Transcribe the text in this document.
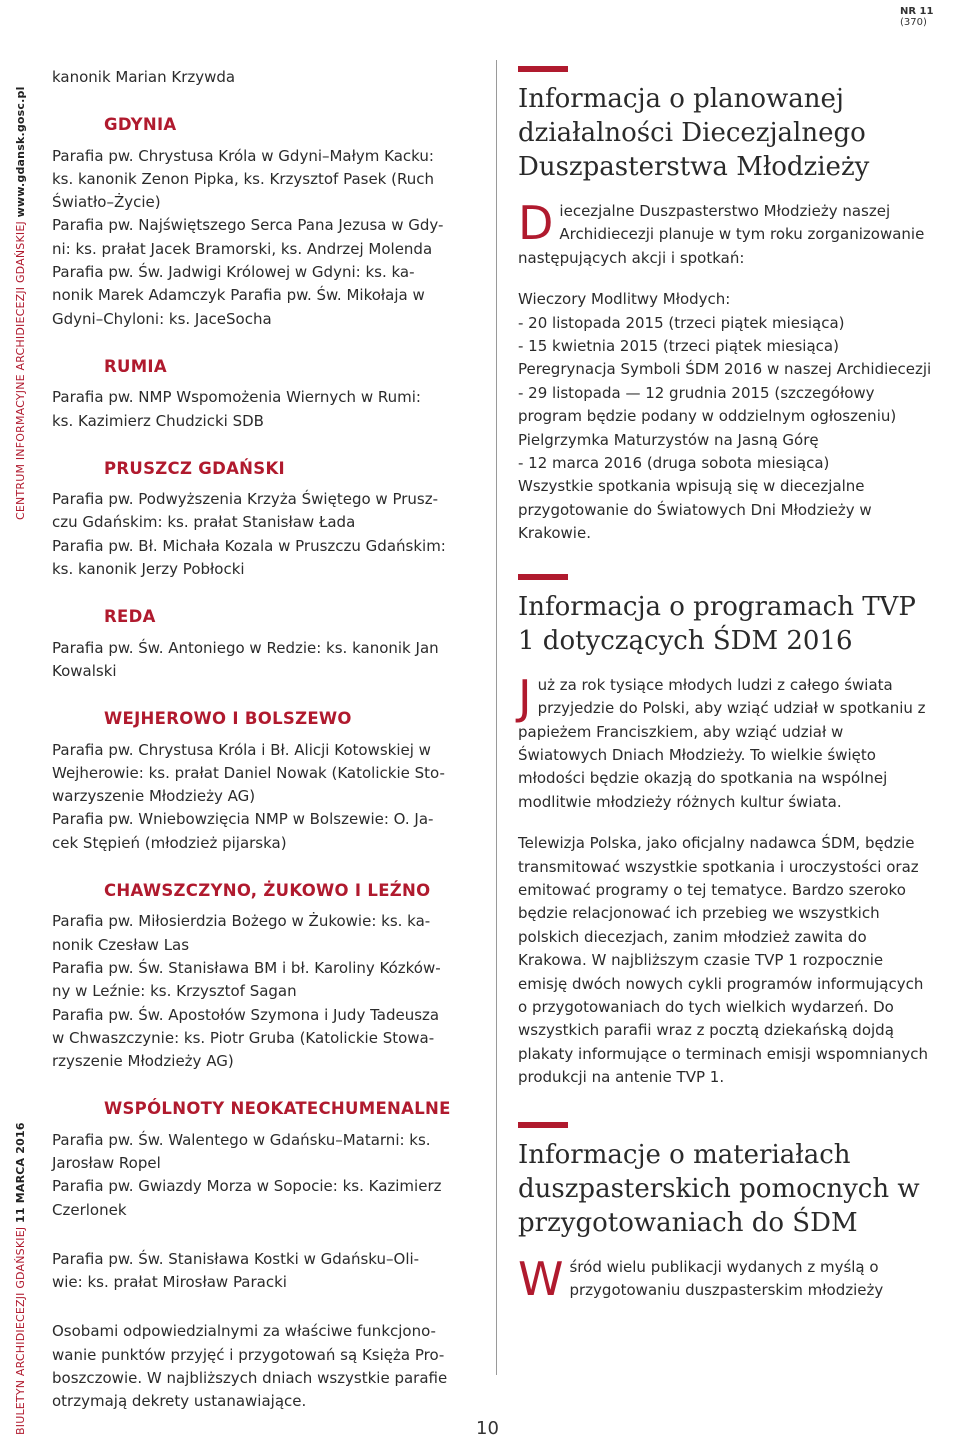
NR 11 (370)
CENTRUM INFORMACYJNE ARCHIDIECEZJI GDAŃSKIEJ www.gdansk.gosc.pl
BIULETYN ARCHIDIECEZJI GDAŃSKIEJ 11 MARCA 2016

kanonik Marian Krzywda

GDYNIA

Parafia pw. Chrystusa Króla w Gdyni–Małym Kacku:

ks. kanonik Zenon Pipka, ks. Krzysztof Pasek (Ruch

Światło–Życie)

Parafia pw. Najświętszego Serca Pana Jezusa w Gdy-

ni: ks. prałat Jacek Bramorski, ks. Andrzej Molenda

Parafia pw. Św. Jadwigi Królowej w Gdyni: ks. ka-

nonik Marek Adamczyk Parafia pw. Św. Mikołaja w

Gdyni–Chyloni: ks. JaceSocha

RUMIA

Parafia pw. NMP Wspomożenia Wiernych w Rumi:

ks. Kazimierz Chudzicki SDB

PRUSZCZ GDAŃSKI

Parafia pw. Podwyższenia Krzyża Świętego w Prusz-

czu Gdańskim: ks. prałat Stanisław Łada

Parafia pw. Bł. Michała Kozala w Pruszczu Gdańskim:

ks. kanonik Jerzy Pobłocki

REDA

Parafia pw. Św. Antoniego w Redzie: ks. kanonik Jan

Kowalski

WEJHEROWO I BOLSZEWO

Parafia pw. Chrystusa Króla i Bł. Alicji Kotowskiej w

Wejherowie: ks. prałat Daniel Nowak (Katolickie Sto-

warzyszenie Młodzieży AG)

Parafia pw. Wniebowzięcia NMP w Bolszewie: O. Ja-

cek Stępień (młodzież pijarska)

CHAWSZCZYNO, ŻUKOWO I LEŹNO

Parafia pw. Miłosierdzia Bożego w Żukowie: ks. ka-

nonik Czesław Las

Parafia pw. Św. Stanisława BM i bł. Karoliny Kózków-

ny w Leźnie: ks. Krzysztof Sagan

Parafia pw. Św. Apostołów Szymona i Judy Tadeusza

w Chwaszczynie: ks. Piotr Gruba (Katolickie Stowa-

rzyszenie Młodzieży AG)

WSPÓLNOTY NEOKATECHUMENALNE

Parafia pw. Św. Walentego w Gdańsku–Matarni: ks.

Jarosław Ropel

Parafia pw. Gwiazdy Morza w Sopocie: ks. Kazimierz

Czerlonek

Parafia pw. Św. Stanisława Kostki w Gdańsku–Oli-

wie: ks. prałat Mirosław Paracki

Osobami odpowiedzialnymi za właściwe funkcjono-

wanie punktów przyjęć i przygotowań są Księża Pro-

boszczowie. W najbliższych dniach wszystkie parafie

otrzymają dekrety ustanawiające.

Informacja o planowanej działalności Diecezjalnego Duszpasterstwa Młodzieży

D iecezjalne Duszpasterstwo Młodzieży naszej Archidiecezji planuje w tym roku zorganizowanie następujących akcji i spotkań:

Wieczory Modlitwy Młodych:

- 20 listopada 2015 (trzeci piątek miesiąca)

- 15 kwietnia 2015 (trzeci piątek miesiąca)

Peregrynacja Symboli ŚDM 2016 w naszej Archidiecezji

- 29 listopada — 12 grudnia 2015 (szczegółowy program będzie podany w oddzielnym ogłoszeniu)

Pielgrzymka Maturzystów na Jasną Górę

- 12 marca 2016 (druga sobota miesiąca)

Wszystkie spotkania wpisują się w diecezjalne przygotowanie do Światowych Dni Młodzieży w Krakowie.

Informacja o programach TVP 1 dotyczących ŚDM 2016

J uż za rok tysiące młodych ludzi z całego świata przyjedzie do Polski, aby wziąć udział w spotkaniu z papieżem Franciszkiem, aby wziąć udział w Światowych Dniach Młodzieży. To wielkie święto młodości będzie okazją do spotkania na wspólnej modlitwie młodzieży różnych kultur świata.

Telewizja Polska, jako oficjalny nadawca ŚDM, będzie transmitować wszystkie spotkania i uroczystości oraz emitować programy o tej tematyce. Bardzo szeroko będzie relacjonować ich przebieg we wszystkich polskich diecezjach, zanim młodzież zawita do Krakowa. W najbliższym czasie TVP 1 rozpocznie emisję dwóch nowych cykli programów informujących o przygotowaniach do tych wielkich wydarzeń. Do wszystkich parafii wraz z pocztą dziekańską dojdą plakaty informujące o terminach emisji wspomnianych produkcji na antenie TVP 1.

Informacje o materiałach duszpasterskich pomocnych w przygotowaniach do ŚDM

W śród wielu publikacji wydanych z myślą o przygotowaniu duszpasterskim młodzieży

10
